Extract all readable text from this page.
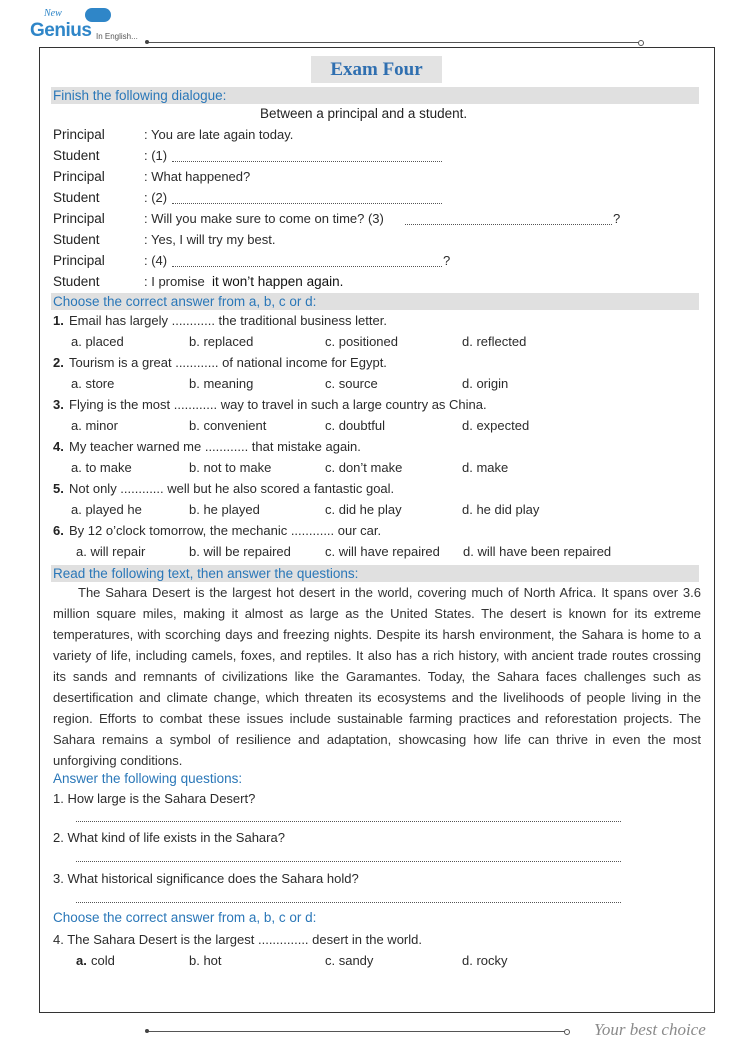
New
Genius In English...
Exam Four
Finish the following dialogue:
Between a principal and a student.
Principal	: You are late again today.
Student	: (1)
Principal	: What happened?
Student	: (2)
Principal	: Will you make sure to come on time? (3)	?
Student	: Yes, I will try my best.
Principal	: (4)	?
Student	: I promise it won’t happen again.
Choose the correct answer from a, b, c or d:
1. Email has largely ............ the traditional business letter.
a. placed	b. replaced	c. positioned	d. reflected
2. Tourism is a great ............ of national income for Egypt.
a. store	b. meaning	c. source	d. origin
3. Flying is the most ............ way to travel in such a large country as China.
a. minor	b. convenient	c. doubtful	d. expected
4. My teacher warned me ............ that mistake again.
a. to make	b. not to make	c. don’t make	d. make
5. Not only ............ well but he also scored a fantastic goal.
a. played he	b. he played	c. did he play	d. he did play
6. By 12 o’clock tomorrow, the mechanic ............ our car.
a. will repair	b. will be repaired	c. will have repaired d. will have been repaired
Read the following text, then answer the questions:
The Sahara Desert is the largest hot desert in the world, covering much of North Africa. It spans over 3.6 million square miles, making it almost as large as the United States. The desert is known for its extreme temperatures, with scorching days and freezing nights. Despite its harsh environment, the Sahara is home to a variety of life, including camels, foxes, and reptiles. It also has a rich history, with ancient trade routes crossing its sands and remnants of civilizations like the Garamantes. Today, the Sahara faces challenges such as desertification and climate change, which threaten its ecosystems and the livelihoods of people living in the region. Efforts to combat these issues include sustainable farming practices and reforestation projects. The Sahara remains a symbol of resilience and adaptation, showcasing how life can thrive in even the most unforgiving conditions.
Answer the following questions:
1. How large is the Sahara Desert?
2. What kind of life exists in the Sahara?
3. What historical significance does the Sahara hold?
Choose the correct answer from a, b, c or d:
4. The Sahara Desert is the largest .............. desert in the world.
a. cold	b. hot	c. sandy	d. rocky
Your best choice
